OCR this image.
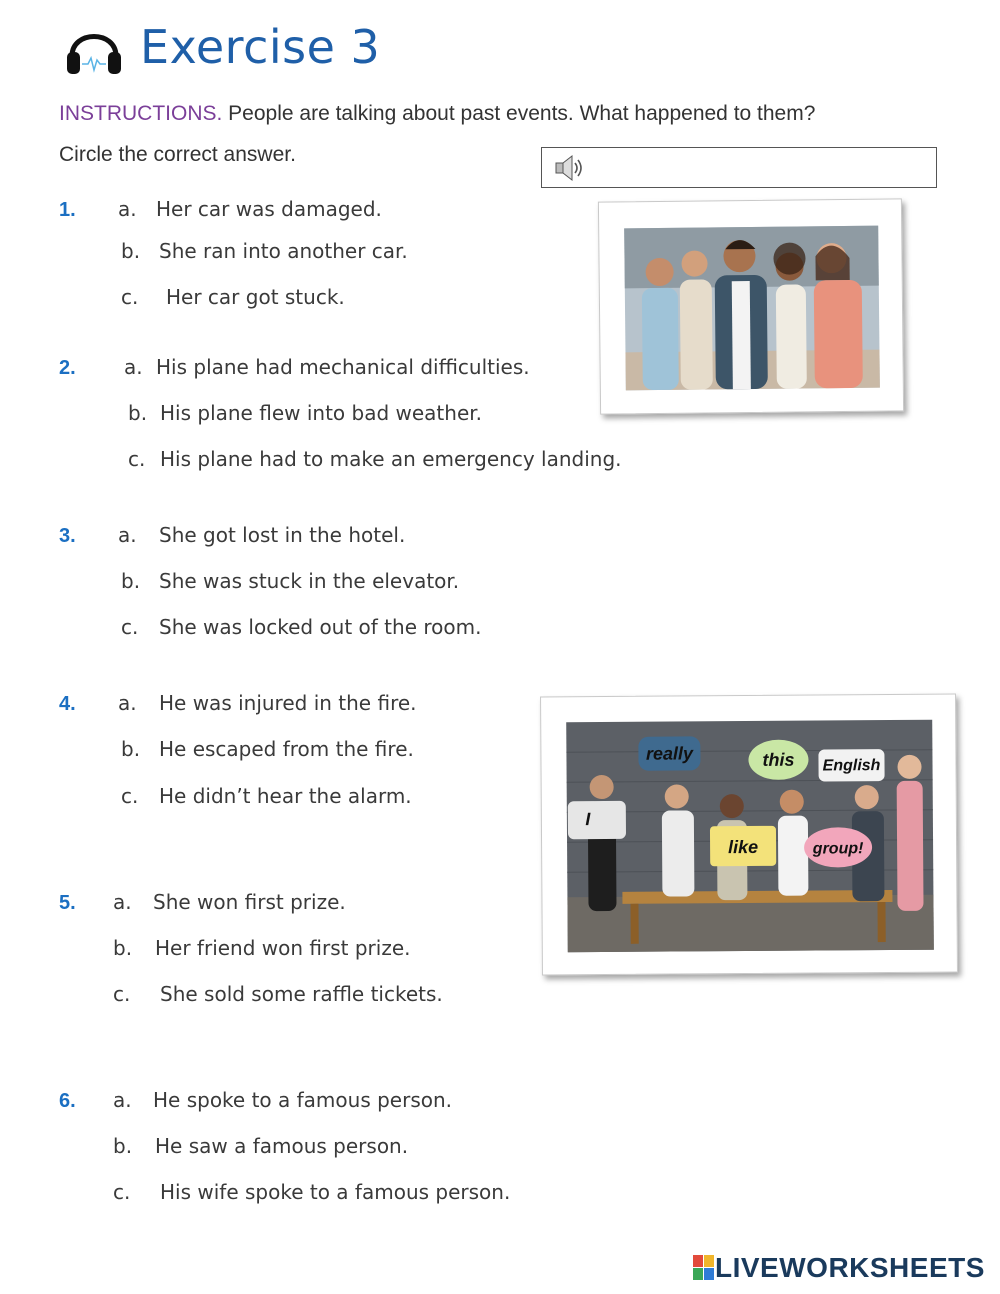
Exercise 3
INSTRUCTIONS. People are talking about past events. What happened to them?
Circle the correct answer.
1. a. Her car was damaged.
b. She ran into another car.
c. Her car got stuck.
2. a. His plane had mechanical difficulties.
b. His plane flew into bad weather.
c. His plane had to make an emergency landing.
3. a. She got lost in the hotel.
b. She was stuck in the elevator.
c. She was locked out of the room.
4. a. He was injured in the fire.
b. He escaped from the fire.
c. He didn’t hear the alarm.
5. a. She won first prize.
b. Her friend won first prize.
c. She sold some raffle tickets.
6. a. He spoke to a famous person.
b. He saw a famous person.
c. His wife spoke to a famous person.
really	this English
I
like	group!
LIVEWORKSHEETS
